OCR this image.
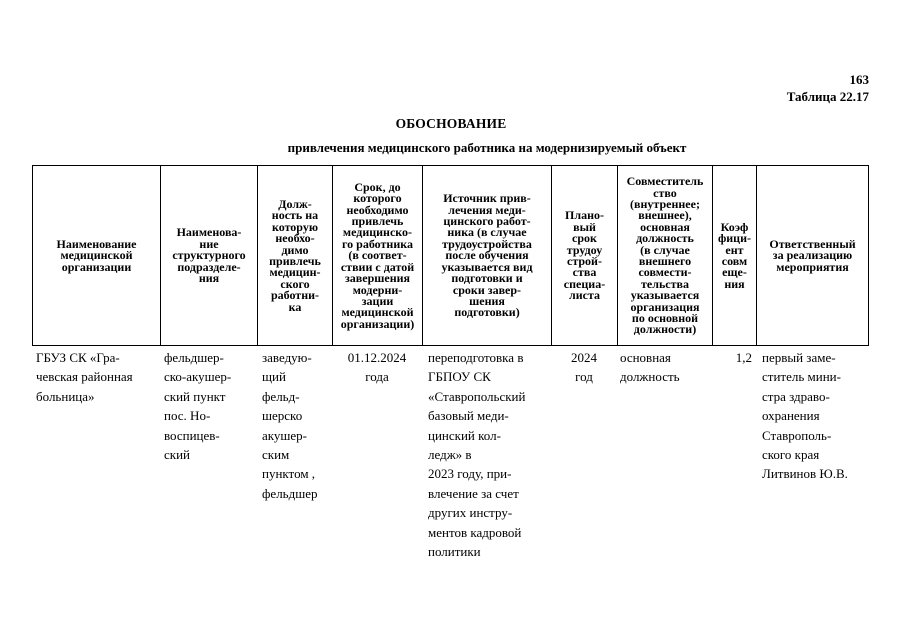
163
Таблица 22.17
ОБОСНОВАНИЕ
привлечения медицинского работника на модернизируемый объект
Наименование
медицинской
организации
Наименова-
ние
структурного
подразделе-
ния
Долж-
ность на
которую
необхо-
димо
привлечь
медицин-
ского
работни-
ка
Срок, до
которого
необходимо
привлечь
медицинско-
го работника
(в соответ-
ствии с датой
завершения
модерни-
зации
медицинской
организации)
Источник прив-
лечения меди-
цинского работ-
ника (в случае
трудоустройства
после обучения
указывается вид
подготовки и
сроки завер-
шения
подготовки)
Плано-
вый
срок
трудоу
строй-
ства
специа-
листа
Совместитель
ство
(внутреннее;
внешнее),
основная
должность
(в случае
внешнего
совмести-
тельства
указывается
организация
по основной
должности)
Коэф
фици-
ент
совм
еще-
ния
Ответственный
за реализацию
мероприятия
ГБУЗ СК «Гра-
чевская районная
больница»
фельдшер-
ско-акушер-
ский пункт
пос. Но-
воспицев-
ский
заведую-
щий
фельд-
шерско
акушер-
ским
пунктом ,
фельдшер
01.12.2024
года
переподготовка в
ГБПОУ СК
«Ставропольский
базовый меди-
цинский кол-
ледж» в
2023 году, при-
влечение за счет
других инстру-
ментов кадровой
политики
2024
год
основная
должность
1,2 первый заме-
ститель мини-
стра здраво-
охранения
Ставрополь-
ского края
Литвинов Ю.В.
